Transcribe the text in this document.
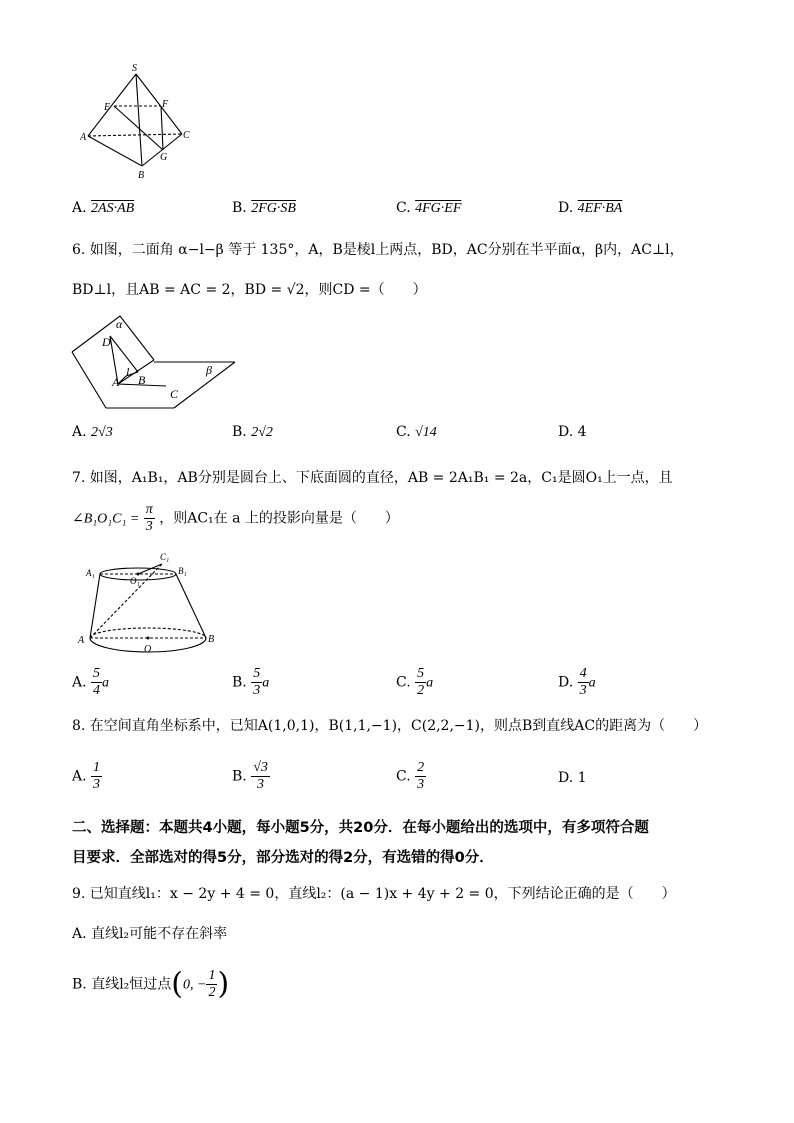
S
E	F
A	C
B
G
A. 2AS·AB	B. 2FG·SB	C. 4FG·EF	D. 4EF·BA
6. 如图，二面角 α−l−β 等于 135°，A，B是棱l上两点，BD，AC分别在半平面α，β内，AC⊥l，
BD⊥l，且AB = AC = 2，BD = √2，则CD =（　　）
α
D
l
A B
β
C
A. 2√3	B. 2√2	C. √14	D. 4
7. 如图，A₁B₁，AB分别是圆台上、下底面圆的直径，AB = 2A₁B₁ = 2a，C₁是圆O₁上一点，且
∠B₁O₁C₁ = $\frac{\pi}{3}$ ，则AC₁在 a 上的投影向量是（　　）
C₁
A₁
O₁
B₁
A
O
B
A. $\frac{5}{4}$ a	B. $\frac{5}{3}$ a	C. $\frac{5}{2}$ a	D. $\frac{4}{3}$ a
8. 在空间直角坐标系中，已知A(1,0,1)，B(1,1,−1)，C(2,2,−1)，则点B到直线AC的距离为（　　）
A. $\frac{1}{3}$	B. $\frac{√3}{3}$	C. $\frac{2}{3}$	D. 1
二、选择题：本题共4小题，每小题5分，共20分．在每小题给出的选项中，有多项符合题
目要求．全部选对的得5分，部分选对的得2分，有选错的得0分．
9. 已知直线l₁：x − 2y + 4 = 0，直线l₂：(a − 1)x + 4y + 2 = 0，下列结论正确的是（　　）
A. 直线l₂可能不存在斜率
B. 直线l₂恒过点(0, − $\frac{1}{2}$ )
